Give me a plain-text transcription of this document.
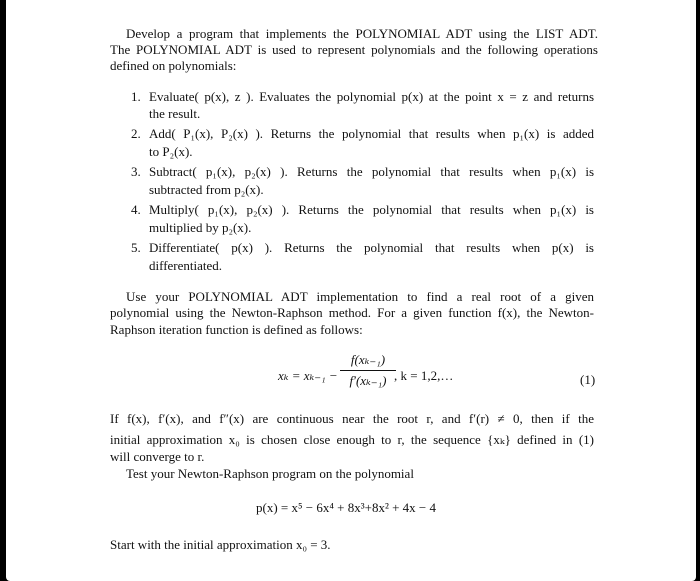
Develop a program that implements the POLYNOMIAL ADT using the LIST ADT.
The POLYNOMIAL ADT is used to represent polynomials and the following operations
defined on polynomials:
1. Evaluate( p(x), z ). Evaluates the polynomial p(x) at the point x = z and returns
the result.
2. Add( P₁(x), P₂(x) ). Returns the polynomial that results when p₁(x) is added
to P₂(x).
3. Subtract( p₁(x), p₂(x) ). Returns the polynomial that results when p₁(x) is
subtracted from p₂(x).
4. Multiply( p₁(x), p₂(x) ). Returns the polynomial that results when p₁(x) is
multiplied by p₂(x).
5. Differentiate( p(x) ). Returns the polynomial that results when p(x) is
differentiated.
Use your POLYNOMIAL ADT implementation to find a real root of a given
polynomial using the Newton-Raphson method. For a given function f(x), the Newton-
Raphson iteration function is defined as follows:
xₖ = xₖ₋₁ −
f(xₖ₋₁)
f′(xₖ₋₁) , k = 1,2,…	(1)
If f(x), f′(x), and f″(x) are continuous near the root r, and f′(r) ≠ 0, then if the
initial approximation x₀ is chosen close enough to r, the sequence {xₖ} defined in (1)
will converge to r.
Test your Newton-Raphson program on the polynomial
p(x) = x⁵ − 6x⁴ + 8x³+8x² + 4x − 4
Start with the initial approximation x₀ = 3.
